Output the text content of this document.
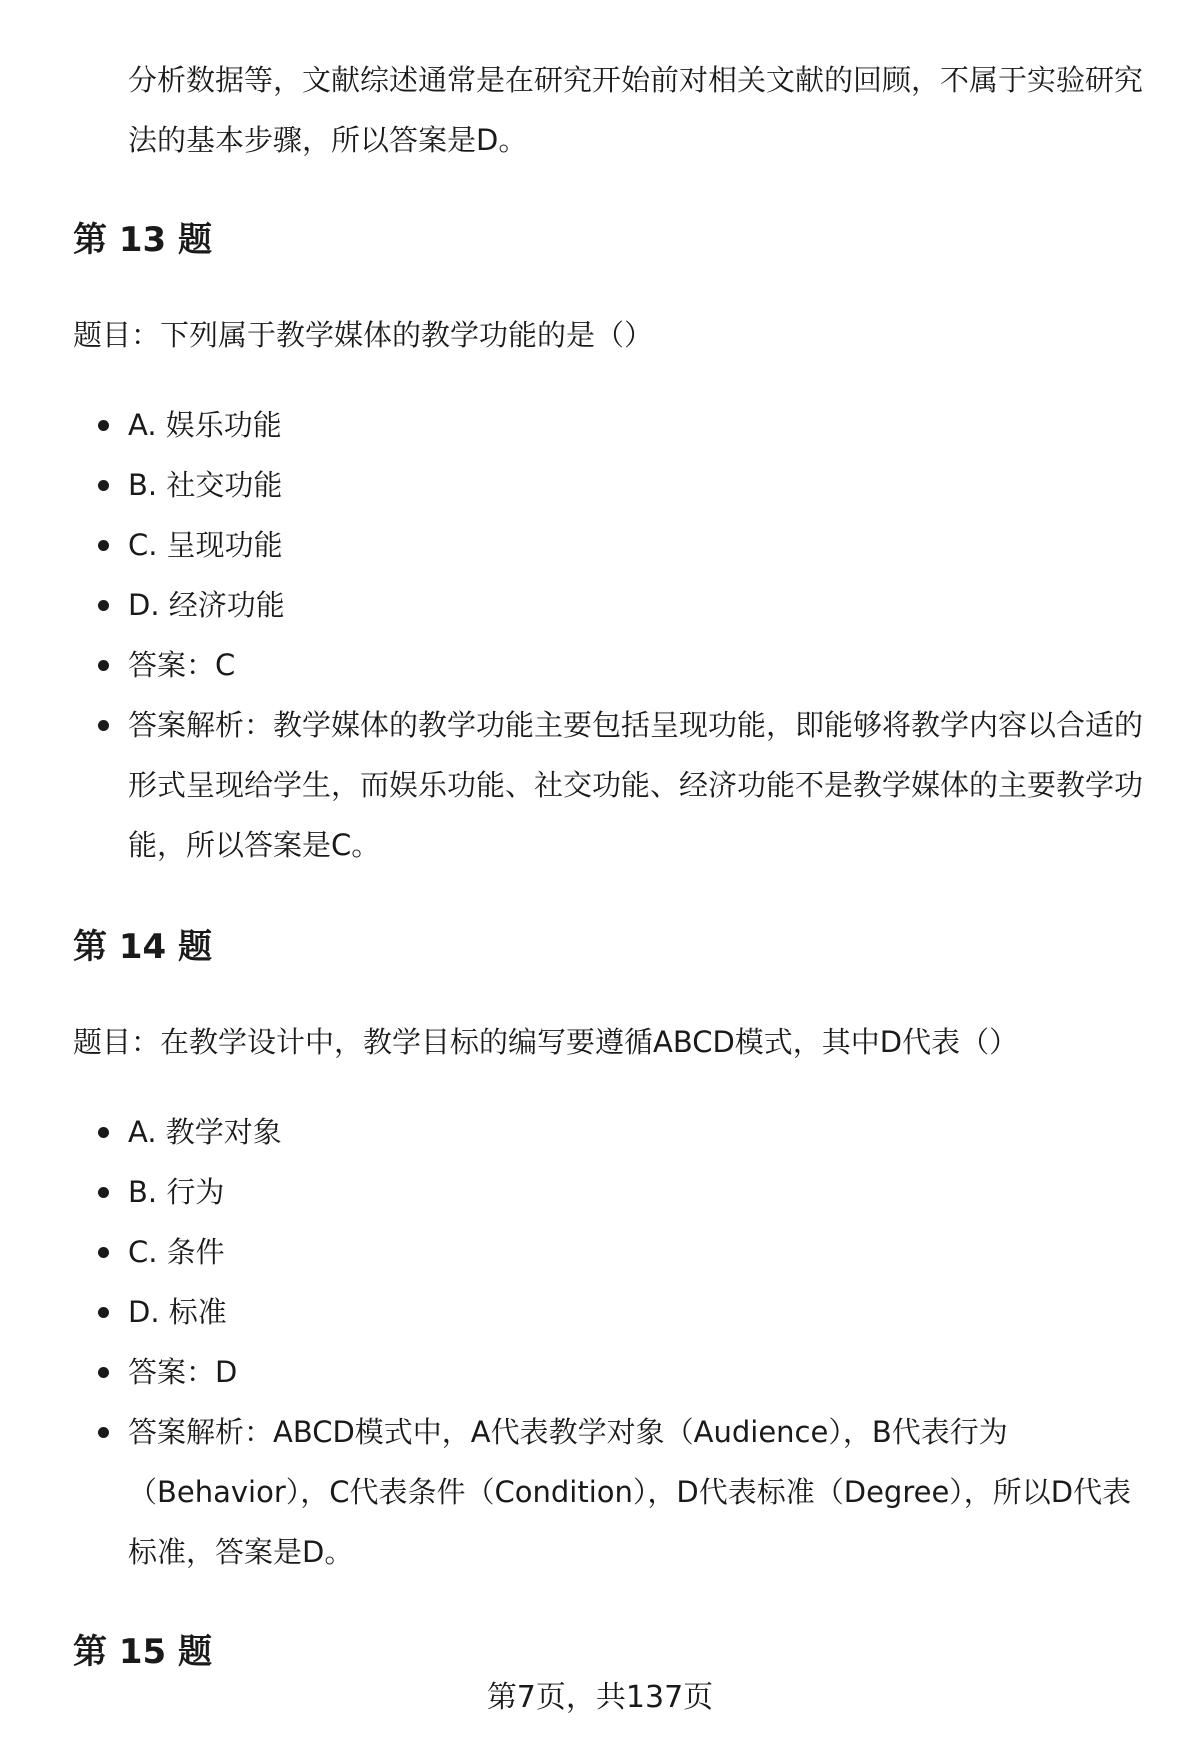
分析数据等，文献综述通常是在研究开始前对相关文献的回顾，不属于实验研究法的基本步骤，所以答案是D。
第 13 题
题目：下列属于教学媒体的教学功能的是（）
A. 娱乐功能
B. 社交功能
C. 呈现功能
D. 经济功能
答案：C
答案解析：教学媒体的教学功能主要包括呈现功能，即能够将教学内容以合适的形式呈现给学生，而娱乐功能、社交功能、经济功能不是教学媒体的主要教学功能，所以答案是C。
第 14 题
题目：在教学设计中，教学目标的编写要遵循ABCD模式，其中D代表（）
A. 教学对象
B. 行为
C. 条件
D. 标准
答案：D
答案解析：ABCD模式中，A代表教学对象（Audience），B代表行为（Behavior），C代表条件（Condition），D代表标准（Degree），所以D代表标准，答案是D。
第 15 题
第7页，共137页
